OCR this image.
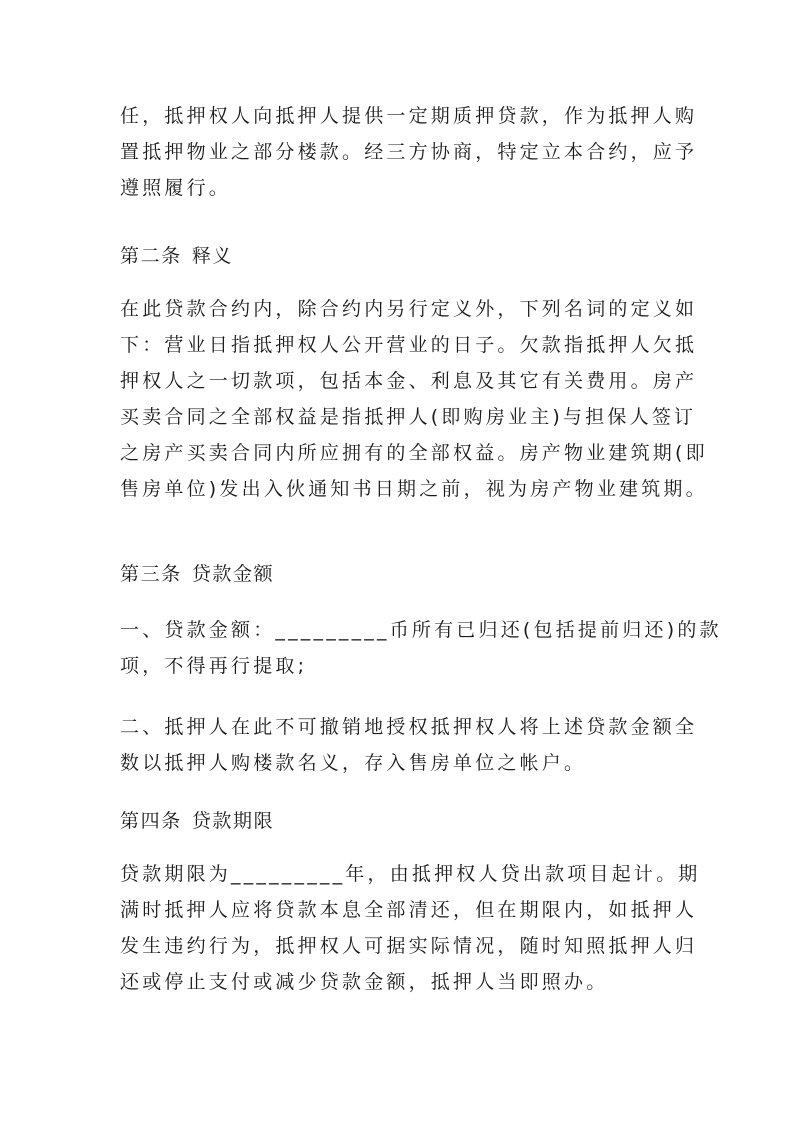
任，抵押权人向抵押人提供一定期质押贷款，作为抵押人购
置抵押物业之部分楼款。经三方协商，特定立本合约，应予
遵照履行。

第二条 释义

在此贷款合约内，除合约内另行定义外，下列名词的定义如
下：营业日指抵押权人公开营业的日子。欠款指抵押人欠抵
押权人之一切款项，包括本金、利息及其它有关费用。房产
买卖合同之全部权益是指抵押人(即购房业主)与担保人签订
之房产买卖合同内所应拥有的全部权益。房产物业建筑期(即
售房单位)发出入伙通知书日期之前，视为房产物业建筑期。

第三条 贷款金额

一、贷款金额：_________币所有已归还(包括提前归还)的款
项，不得再行提取;

二、抵押人在此不可撤销地授权抵押权人将上述贷款金额全
数以抵押人购楼款名义，存入售房单位之帐户。

第四条 贷款期限

贷款期限为_________年，由抵押权人贷出款项目起计。期
满时抵押人应将贷款本息全部清还，但在期限内，如抵押人
发生违约行为，抵押权人可据实际情况，随时知照抵押人归
还或停止支付或减少贷款金额，抵押人当即照办。
